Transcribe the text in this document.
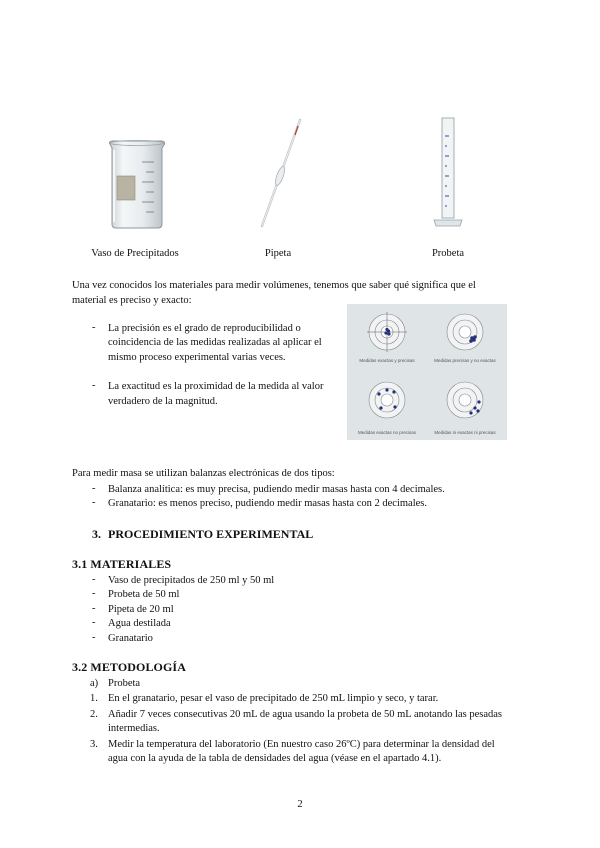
Vaso de Precipitados	Pipeta	Probeta
Una vez conocidos los materiales para medir volúmenes, tenemos que saber qué significa que el
material es preciso y exacto:
- La precisión es el grado de reproducibilidad o
coincidencia de las medidas realizadas al aplicar el
mismo proceso experimental varias veces.
- La exactitud es la proximidad de la medida al valor
verdadero de la magnitud.
Medidas exactas y precisas	Medidas precisas y no exactas
Medidas exactas no precisas	Medidas ni exactas ni precisas
Para medir masa se utilizan balanzas electrónicas de dos tipos:
- Balanza analítica: es muy precisa, pudiendo medir masas hasta con 4 decimales.
- Granatario: es menos preciso, pudiendo medir masas hasta con 2 decimales.
3. PROCEDIMIENTO EXPERIMENTAL
3.1 MATERIALES
- Vaso de precipitados de 250 ml y 50 ml
- Probeta de 50 ml
- Pipeta de 20 ml
- Agua destilada
- Granatario
3.2 METODOLOGÍA
a) Probeta
1. En el granatario, pesar el vaso de precipitado de 250 mL limpio y seco, y tarar.
2. Añadir 7 veces consecutivas 20 mL de agua usando la probeta de 50 mL anotando las pesadas
intermedias.
3. Medir la temperatura del laboratorio (En nuestro caso 26ºC) para determinar la densidad del
agua con la ayuda de la tabla de densidades del agua (véase en el apartado 4.1).
2
